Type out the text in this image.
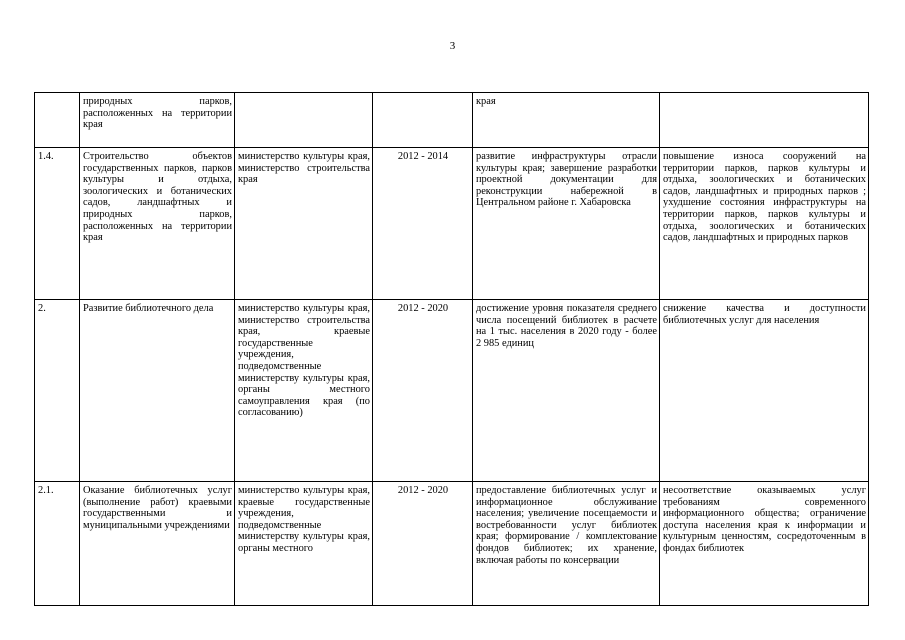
3
	природных парков, расположенных на территории края			края	
1.4.	Строительство объектов государственных парков, парков культуры и отдыха, зоологических и ботанических садов, ландшафтных и природных парков, расположенных на территории края	министерство культуры края, министерство строительства края	2012 - 2014	развитие инфраструктуры отрасли культуры края; завершение разработки проектной документации для реконструкции набережной в Центральном районе г. Хабаровска	повышение износа сооружений на территории парков, парков культуры и отдыха, зоологических и ботанических садов, ландшафтных и природных парков ; ухудшение состояния инфраструктуры на территории парков, парков культуры и отдыха, зоологических и ботанических садов, ландшафтных и природных парков
2.	Развитие библиотечного дела	министерство культуры края, министерство строительства края, краевые государственные учреждения, подведомственные министерству культуры края, органы местного самоуправления края (по согласованию)	2012 - 2020	достижение уровня показателя среднего числа посещений библиотек в расчете на 1 тыс. населения в 2020 году - более 2 985 единиц	снижение качества и доступности библиотечных услуг для населения
2.1.	Оказание библиотечных услуг (выполнение работ) краевыми государственными и муниципальными учреждениями	министерство культуры края, краевые государственные учреждения, подведомственные министерству культуры края, органы местного	2012 - 2020	предоставление библиотечных услуг и информационное обслуживание населения; увеличение посещаемости и востребованности услуг библиотек края; формирование / комплектование фондов библиотек; их хранение, включая работы по консервации	несоответствие оказываемых услуг требованиям современного информационного общества; ограничение доступа населения края к информации и культурным ценностям, сосредоточенным в фондах библиотек
